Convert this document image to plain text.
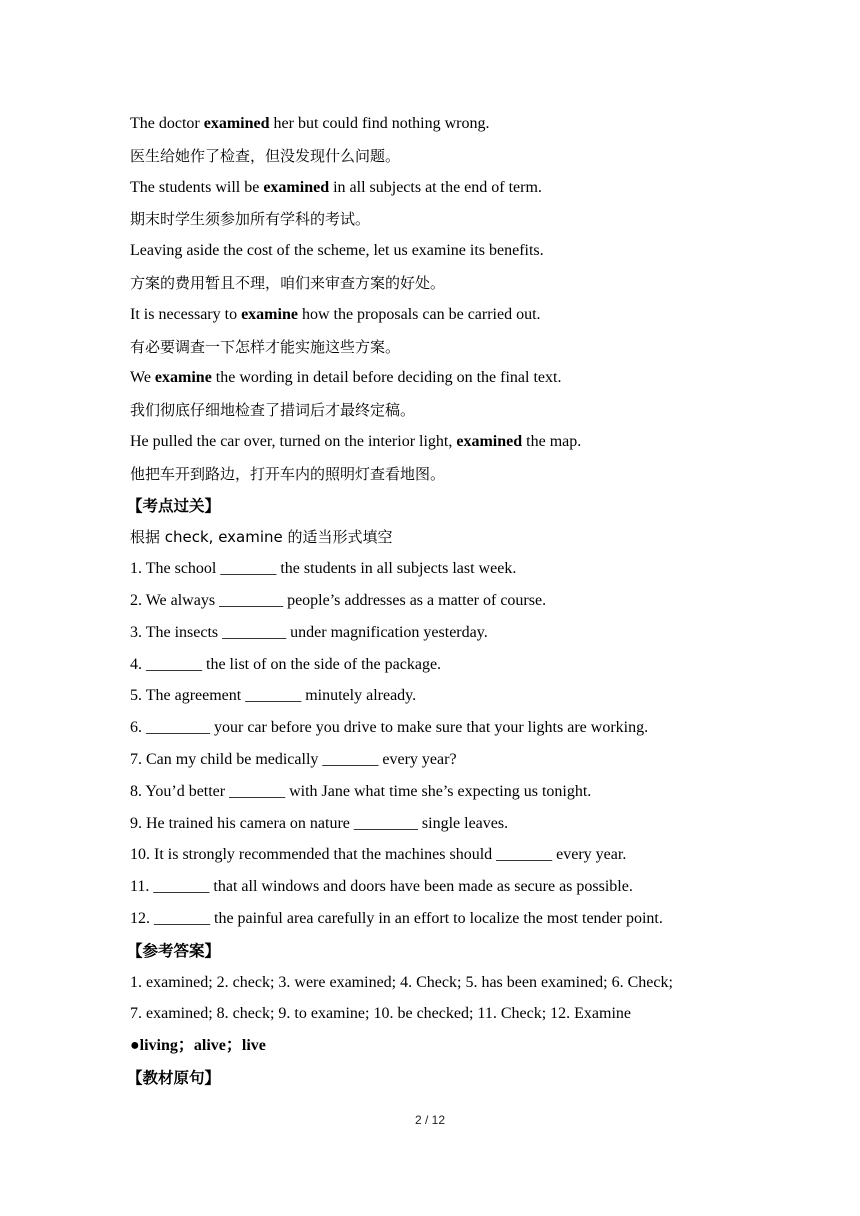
The doctor examined her but could find nothing wrong.
医生给她作了检查，但没发现什么问题。
The students will be examined in all subjects at the end of term.
期末时学生须参加所有学科的考试。
Leaving aside the cost of the scheme, let us examine its benefits.
方案的费用暂且不理，咱们来审查方案的好处。
It is necessary to examine how the proposals can be carried out.
有必要调查一下怎样才能实施这些方案。
We examine the wording in detail before deciding on the final text.
我们彻底仔细地检查了措词后才最终定稿。
He pulled the car over, turned on the interior light, examined the map.
他把车开到路边，打开车内的照明灯查看地图。
【考点过关】
根据 check, examine 的适当形式填空
1. The school _______ the students in all subjects last week.
2. We always ________ people’s addresses as a matter of course.
3. The insects ________ under magnification yesterday.
4. _______ the list of on the side of the package.
5. The agreement _______ minutely already.
6. ________ your car before you drive to make sure that your lights are working.
7. Can my child be medically _______ every year?
8. You’d better _______ with Jane what time she’s expecting us tonight.
9. He trained his camera on nature ________ single leaves.
10. It is strongly recommended that the machines should _______ every year.
11. _______ that all windows and doors have been made as secure as possible.
12. _______ the painful area carefully in an effort to localize the most tender point.
【参考答案】
1. examined; 2. check; 3. were examined; 4. Check; 5. has been examined; 6. Check;
7. examined; 8. check; 9. to examine; 10. be checked; 11. Check; 12. Examine
●living；alive；live
【教材原句】
2 / 12
